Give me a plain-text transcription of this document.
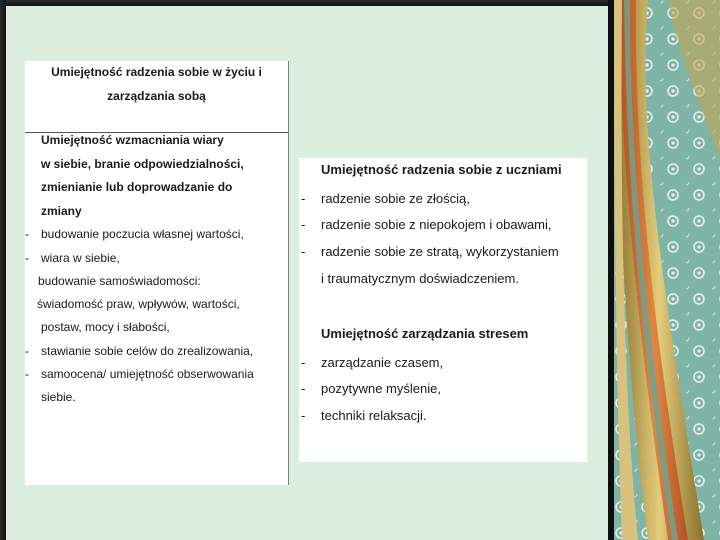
Umiejętność radzenia sobie w życiu i
zarządzania sobą
Umiejętność wzmacniania wiary
w siebie, branie odpowiedzialności,
zmienianie lub doprowadzanie do
zmiany
- budowanie poczucia własnej wartości,
- wiara w siebie,
budowanie samoświadomości:
świadomość praw, wpływów, wartości,
postaw, mocy i słabości,
- stawianie sobie celów do zrealizowania,
- samoocena/ umiejętność obserwowania
siebie.
Umiejętność radzenia sobie z uczniami
- radzenie sobie ze złością,
- radzenie sobie z niepokojem i obawami,
- radzenie sobie ze stratą, wykorzystaniem
i traumatycznym doświadczeniem.
Umiejętność zarządzania stresem
- zarządzanie czasem,
- pozytywne myślenie,
- techniki relaksacji.
